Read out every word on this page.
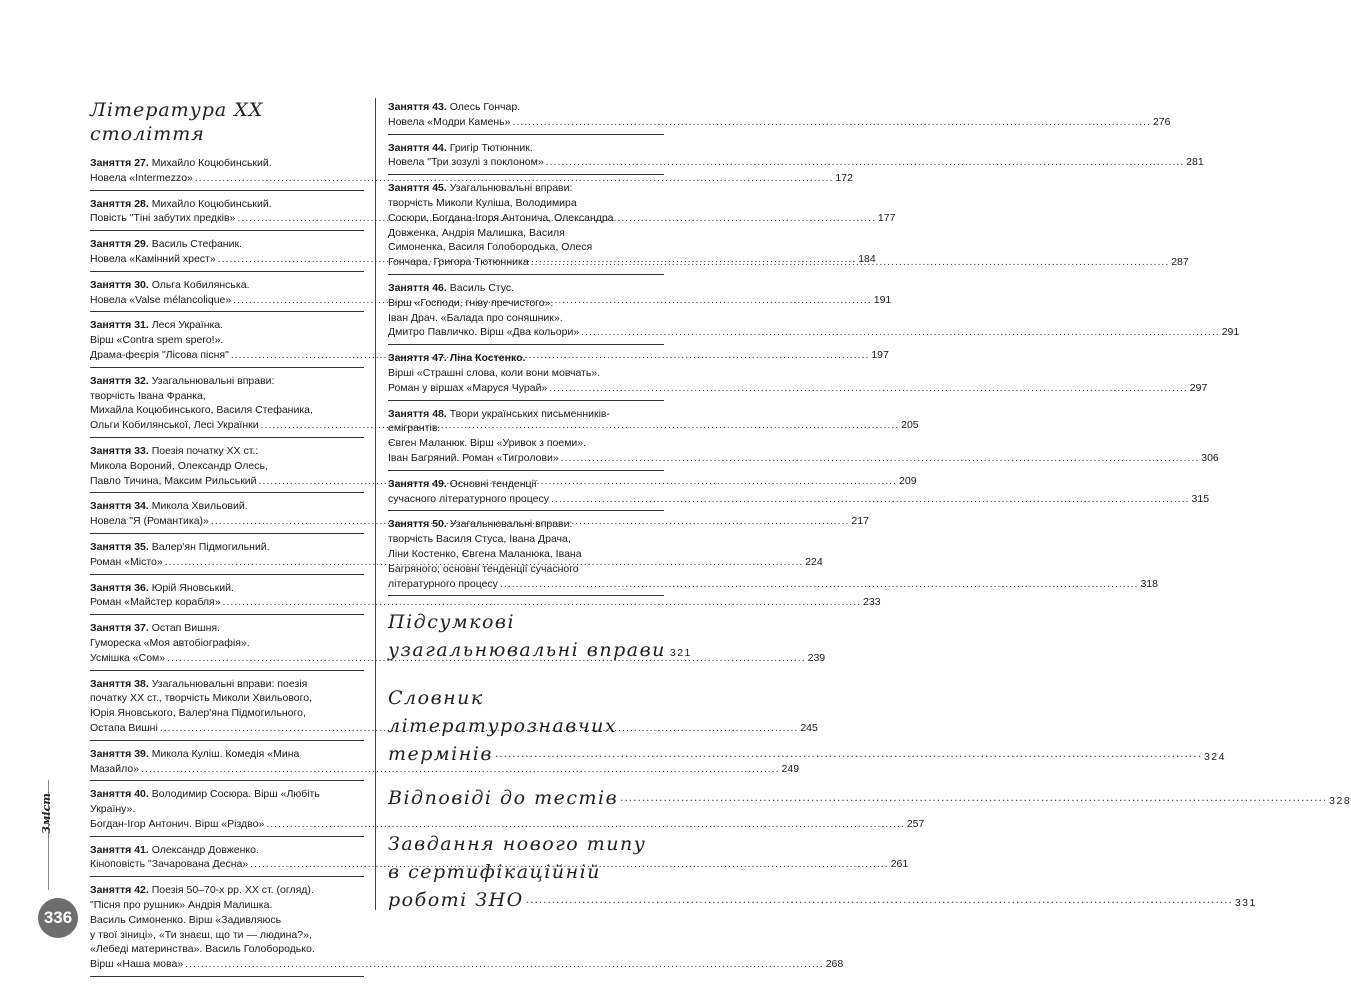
Література XX століття
Заняття 27. Михайло Коцюбинський.
Новела «Intermezzo» .....	172
Заняття 28. Михайло Коцюбинський.
Повість "Тіні забутих предків» .....	177
Заняття 29. Василь Стефаник.
Новела «Камінний хрест» .....	184
Заняття 30. Ольга Кобилянська.
Новела «Valse mélancolique» .....	191
Заняття 31. Леся Українка.
Вірш «Contra spem spero!».
Драма-феєрія "Лісова пісня" .....	197
Заняття 32. Узагальнювальні вправи:
творчість Івана Франка,
Михайла Коцюбинського, Василя Стефаника,
Ольги Кобилянської, Лесі Українки .....	205
Заняття 33. Поезія початку XX ст.:
Микола Вороний, Олександр Олесь,
Павло Тичина, Максим Рильський .....	209
Заняття 34. Микола Хвильовий.
Новела "Я (Романтика)» .....	217
Заняття 35. Валер'ян Підмогильний.
Роман «Місто» .....	224
Заняття 36. Юрій Яновський.
Роман «Майстер корабля» .....	233
Заняття 37. Остап Вишня.
Гумореска «Моя автобіографія».
Усмішка «Сом» .....	239
Заняття 38. Узагальнювальні вправи: поезія
початку XX ст., творчість Миколи Хвильового,
Юрія Яновського, Валер'яна Підмогильного,
Остапа Вишні .....	245
Заняття 39. Микола Куліш. Комедія «Мина
Мазайло» .....	249
Заняття 40. Володимир Сосюра. Вірш «Любіть
Україну».
Богдан-Ігор Антонич. Вірш «Різдво» .....	257
Заняття 41. Олександр Довженко.
Кіноповість "Зачарована Десна» .....	261
Заняття 42. Поезія 50–70-х рр. XX ст. (огляд).
"Пісня про рушник» Андрія Малишка.
Василь Симоненко. Вірш «Задивляюсь
у твої зіниці», «Ти знаєш, що ти — людина?»,
«Лебеді материнства». Василь Голобородько.
Вірш «Наша мова» .....	268
Заняття 43. Олесь Гончар.
Новела «Модри Камень» .....	276
Заняття 44. Григір Тютюнник.
Новела "Три зозулі з поклоном» .....	281
Заняття 45. Узагальнювальні вправи:
творчість Миколи Куліша, Володимира
Сосюри, Богдана-Ігоря Антонича, Олександра
Довженка, Андрія Малишка, Василя
Симоненка, Василя Голобородька, Олеся
Гончара, Григора Тютюнника .....	287
Заняття 46. Василь Стус.
Вірш «Господи, гніву пречистого».
Іван Драч. «Балада про соняшник».
Дмитро Павличко. Вірш «Два кольори» .....	291
Заняття 47. Ліна Костенко.
Вірші «Страшні слова, коли вони мовчать».
Роман у віршах «Маруся Чурай» .....	297
Заняття 48. Твори українських письменників-
емігрантів.
Євген Маланюк. Вірш «Уривок з поеми».
Іван Багряний. Роман «Тигролови» .....	306
Заняття 49. Основні тенденції
сучасного літературного процесу .....	315
Заняття 50. Узагальнювальні вправи:
творчість Василя Стуса, Івана Драча,
Ліни Костенко, Євгена Маланюка, Івана
Багряного; основні тенденції сучасного
літературного процесу .....	318
Підсумкові
узагальнювальні вправи 321
Словник
літературознавчих
термінів .....	324
Відповіді до тестів .....	328
Завдання нового типу
в сертифікаційній
роботі ЗНО .....	331
Зміст
336
